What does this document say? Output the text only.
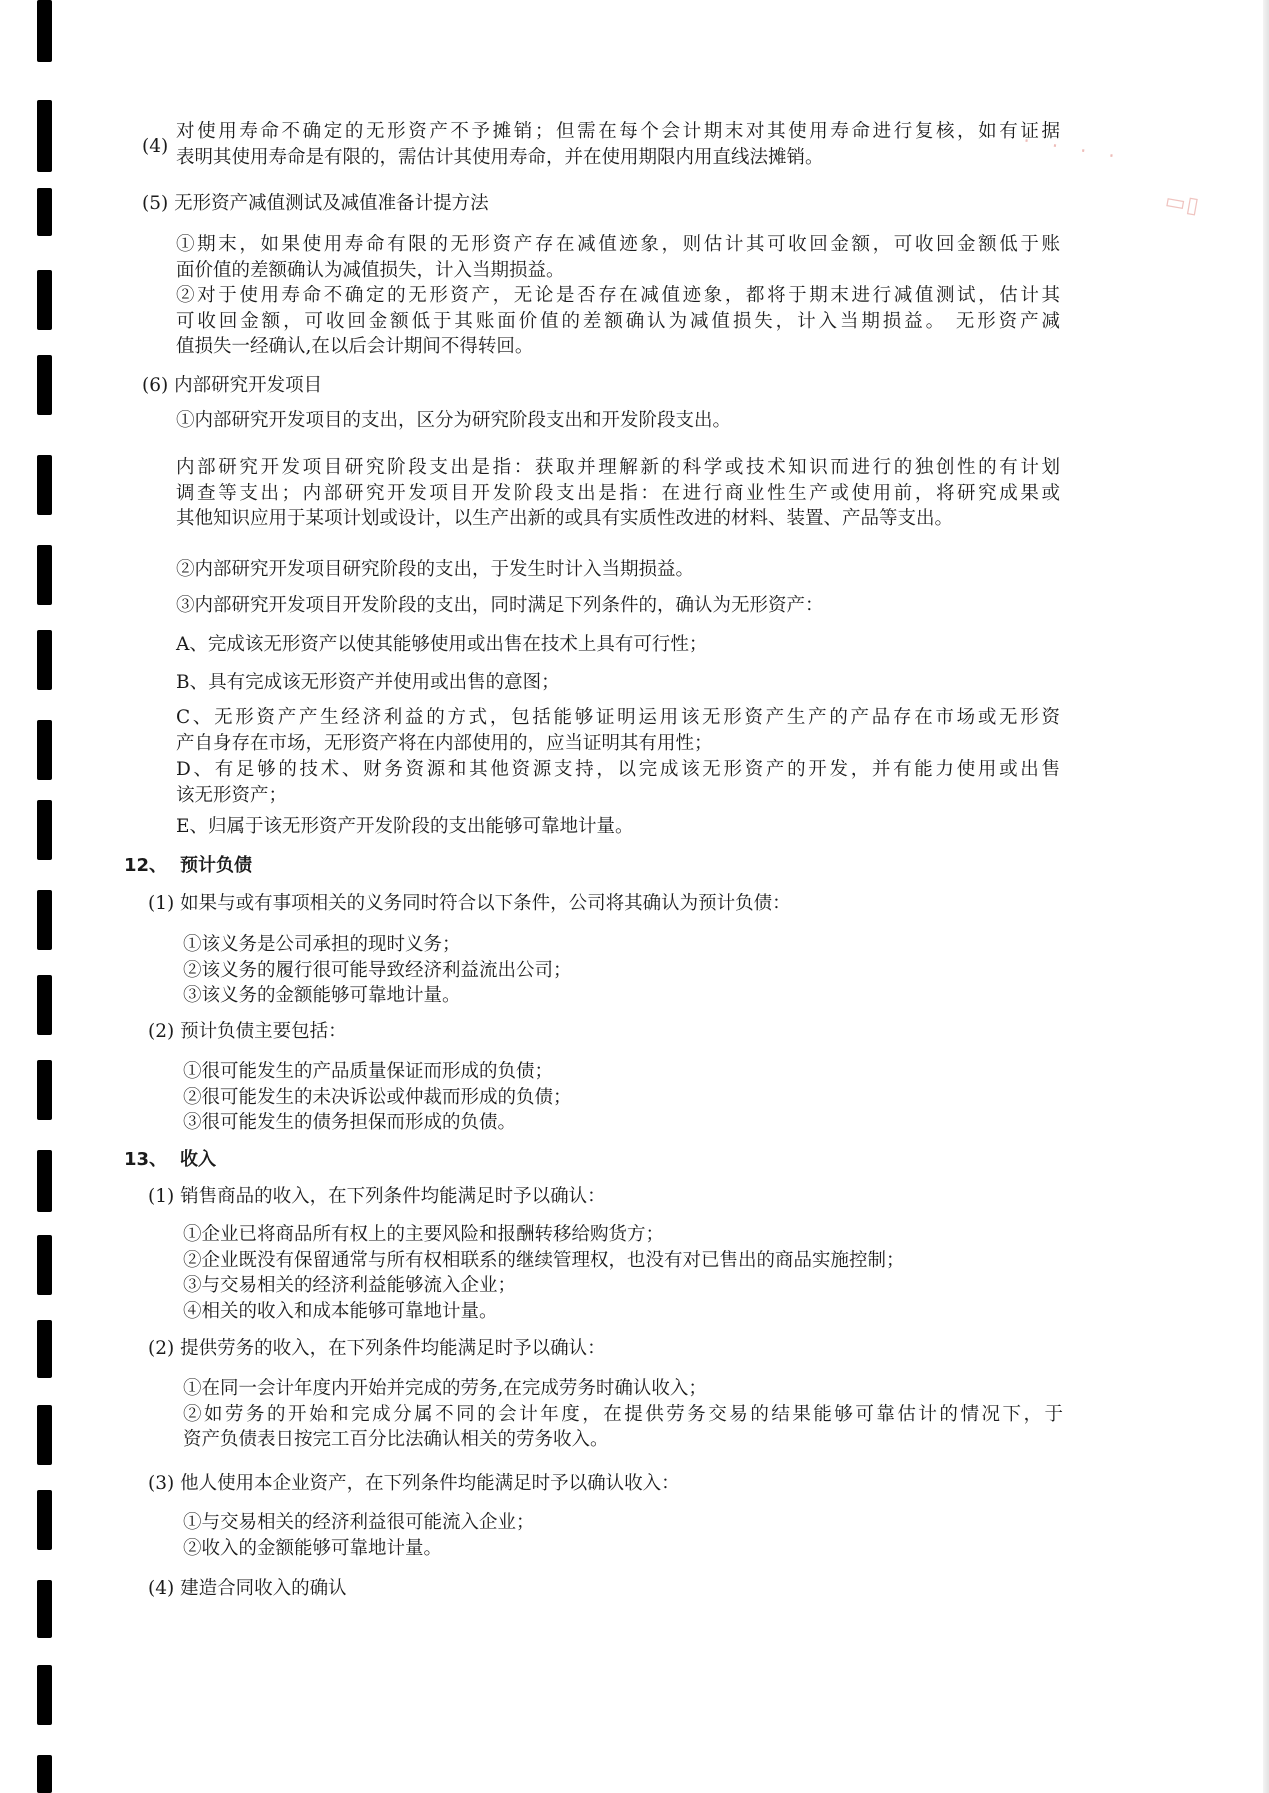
· · · ·
▭▯
(4)
对使用寿命不确定的无形资产不予摊销；但需在每个会计期末对其使用寿命进行复核，如有证据
表明其使用寿命是有限的，需估计其使用寿命，并在使用期限内用直线法摊销。
(5) 无形资产减值测试及减值准备计提方法
①期末，如果使用寿命有限的无形资产存在减值迹象，则估计其可收回金额，可收回金额低于账
面价值的差额确认为减值损失，计入当期损益。
②对于使用寿命不确定的无形资产，无论是否存在减值迹象，都将于期末进行减值测试，估计其
可收回金额，可收回金额低于其账面价值的差额确认为减值损失，计入当期损益。 无形资产减
值损失一经确认,在以后会计期间不得转回。
(6) 内部研究开发项目
①内部研究开发项目的支出，区分为研究阶段支出和开发阶段支出。
内部研究开发项目研究阶段支出是指：获取并理解新的科学或技术知识而进行的独创性的有计划
调查等支出；内部研究开发项目开发阶段支出是指：在进行商业性生产或使用前，将研究成果或
其他知识应用于某项计划或设计，以生产出新的或具有实质性改进的材料、装置、产品等支出。
②内部研究开发项目研究阶段的支出，于发生时计入当期损益。
③内部研究开发项目开发阶段的支出，同时满足下列条件的，确认为无形资产：
A、完成该无形资产以使其能够使用或出售在技术上具有可行性；
B、具有完成该无形资产并使用或出售的意图；
C、无形资产产生经济利益的方式，包括能够证明运用该无形资产生产的产品存在市场或无形资
产自身存在市场，无形资产将在内部使用的，应当证明其有用性；
D、有足够的技术、财务资源和其他资源支持，以完成该无形资产的开发，并有能力使用或出售
该无形资产；
E、归属于该无形资产开发阶段的支出能够可靠地计量。
12、 预计负债
(1) 如果与或有事项相关的义务同时符合以下条件，公司将其确认为预计负债：
①该义务是公司承担的现时义务；
②该义务的履行很可能导致经济利益流出公司；
③该义务的金额能够可靠地计量。
(2) 预计负债主要包括：
①很可能发生的产品质量保证而形成的负债；
②很可能发生的未决诉讼或仲裁而形成的负债；
③很可能发生的债务担保而形成的负债。
13、 收入
(1) 销售商品的收入，在下列条件均能满足时予以确认：
①企业已将商品所有权上的主要风险和报酬转移给购货方；
②企业既没有保留通常与所有权相联系的继续管理权，也没有对已售出的商品实施控制；
③与交易相关的经济利益能够流入企业；
④相关的收入和成本能够可靠地计量。
(2) 提供劳务的收入，在下列条件均能满足时予以确认：
①在同一会计年度内开始并完成的劳务,在完成劳务时确认收入；
②如劳务的开始和完成分属不同的会计年度，在提供劳务交易的结果能够可靠估计的情况下，于
资产负债表日按完工百分比法确认相关的劳务收入。
(3) 他人使用本企业资产，在下列条件均能满足时予以确认收入：
①与交易相关的经济利益很可能流入企业；
②收入的金额能够可靠地计量。
(4) 建造合同收入的确认
